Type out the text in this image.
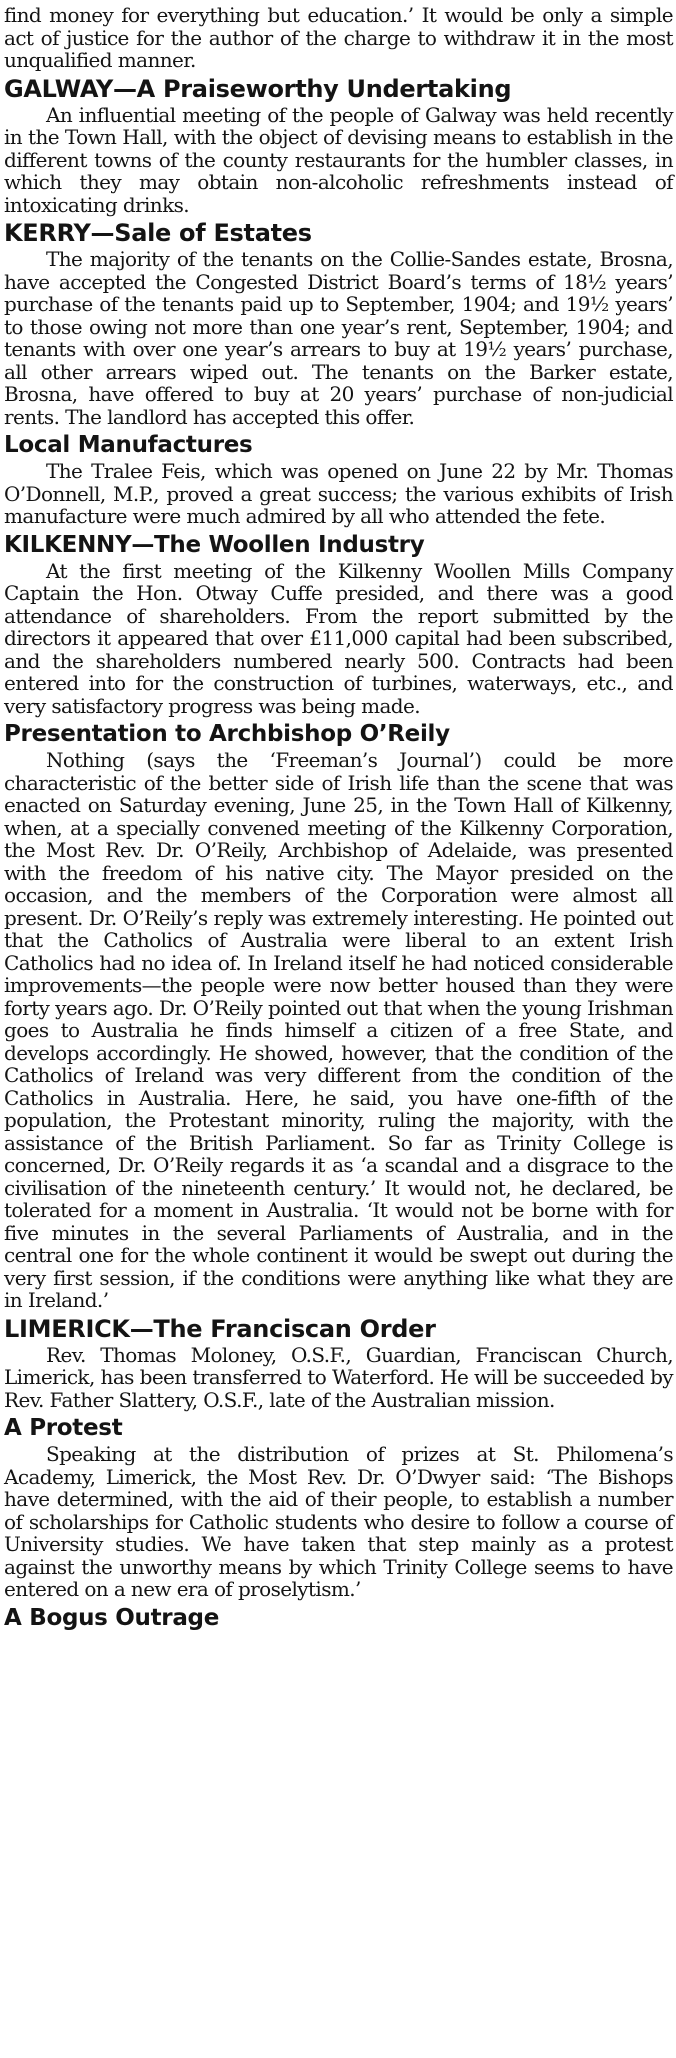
find money for everything but education.’ It would be only a simple act of justice for the author of the charge to withdraw it in the most unqualified manner.

GALWAY—A Praiseworthy Undertaking

An influential meeting of the people of Galway was held recently in the Town Hall, with the object of devising means to establish in the different towns of the county restaurants for the humbler classes, in which they may obtain non-alcoholic refreshments instead of intoxicating drinks.

KERRY—Sale of Estates

The majority of the tenants on the Collie-Sandes estate, Brosna, have accepted the Congested District Board’s terms of 18½ years’ purchase of the tenants paid up to September, 1904; and 19½ years’ to those owing not more than one year’s rent, September, 1904; and tenants with over one year’s arrears to buy at 19½ years’ purchase, all other arrears wiped out. The tenants on the Barker estate, Brosna, have offered to buy at 20 years’ purchase of non-judicial rents. The landlord has accepted this offer.

Local Manufactures

The Tralee Feis, which was opened on June 22 by Mr. Thomas O’Donnell, M.P., proved a great success; the various exhibits of Irish manufacture were much admired by all who attended the fete.

KILKENNY—The Woollen Industry

At the first meeting of the Kilkenny Woollen Mills Company Captain the Hon. Otway Cuffe presided, and there was a good attendance of shareholders. From the report submitted by the directors it appeared that over £11,000 capital had been subscribed, and the shareholders numbered nearly 500. Contracts had been entered into for the construction of turbines, waterways, etc., and very satisfactory progress was being made.

Presentation to Archbishop O’Reily

Nothing (says the ‘Freeman’s Journal’) could be more characteristic of the better side of Irish life than the scene that was enacted on Saturday evening, June 25, in the Town Hall of Kilkenny, when, at a specially convened meeting of the Kilkenny Corporation, the Most Rev. Dr. O’Reily, Archbishop of Adelaide, was presented with the freedom of his native city. The Mayor presided on the occasion, and the members of the Corporation were almost all present. Dr. O’Reily’s reply was extremely interesting. He pointed out that the Catholics of Australia were liberal to an extent Irish Catholics had no idea of. In Ireland itself he had noticed considerable improvements—the people were now better housed than they were forty years ago. Dr. O’Reily pointed out that when the young Irishman goes to Australia he finds himself a citizen of a free State, and develops accordingly. He showed, however, that the condition of the Catholics of Ireland was very different from the condition of the Catholics in Australia. Here, he said, you have one-fifth of the population, the Protestant minority, ruling the majority, with the assistance of the British Parliament. So far as Trinity College is concerned, Dr. O’Reily regards it as ‘a scandal and a disgrace to the civilisation of the nineteenth century.’ It would not, he declared, be tolerated for a moment in Australia. ‘It would not be borne with for five minutes in the several Parliaments of Australia, and in the central one for the whole continent it would be swept out during the very first session, if the conditions were anything like what they are in Ireland.’

LIMERICK—The Franciscan Order

Rev. Thomas Moloney, O.S.F., Guardian, Franciscan Church, Limerick, has been transferred to Waterford. He will be succeeded by Rev. Father Slattery, O.S.F., late of the Australian mission.

A Protest

Speaking at the distribution of prizes at St. Philomena’s Academy, Limerick, the Most Rev. Dr. O’Dwyer said: ‘The Bishops have determined, with the aid of their people, to establish a number of scholarships for Catholic students who desire to follow a course of University studies. We have taken that step mainly as a protest against the unworthy means by which Trinity College seems to have entered on a new era of proselytism.’

A Bogus Outrage
